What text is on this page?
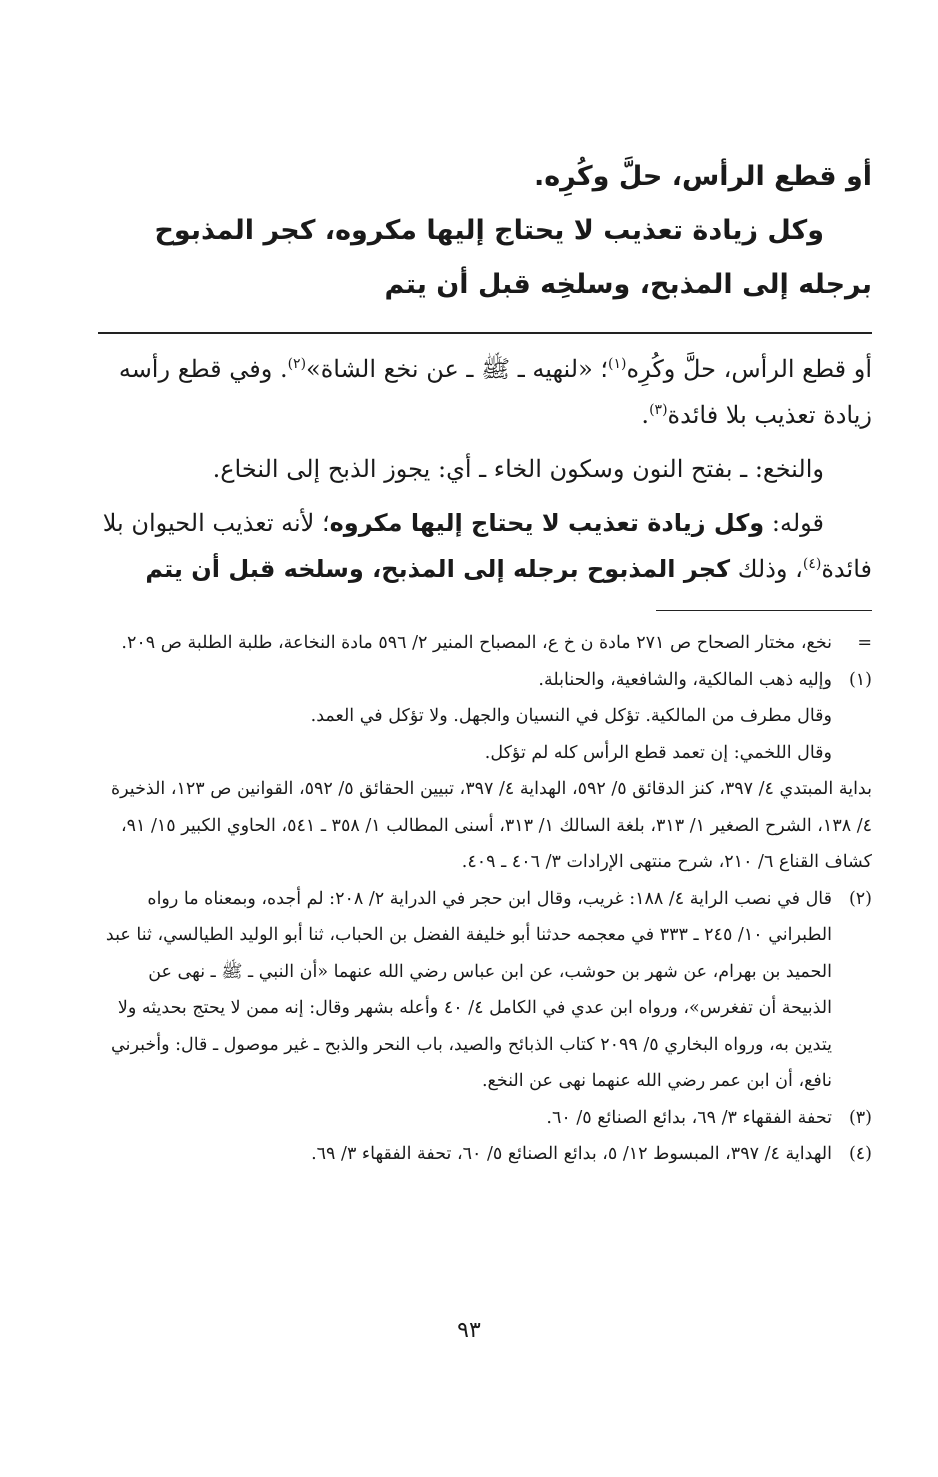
أو قطع الرأس، حلَّ وكُرِه.

وكل زيادة تعذيب لا يحتاج إليها مكروه، كجر المذبوح برجله إلى المذبح، وسلخِه قبل أن يتم

أو قطع الرأس، حلَّ وكُرِه$^{(١)}$؛ «لنهيه ـ ﷺ ـ عن نخع الشاة»$^{(٢)}$. وفي قطع رأسه زيادة تعذيب بلا فائدة$^{(٣)}$.

والنخع: ـ بفتح النون وسكون الخاء ـ أي: يجوز الذبح إلى النخاع.

قوله: وكل زيادة تعذيب لا يحتاج إليها مكروه؛ لأنه تعذيب الحيوان بلا فائدة$^{(٤)}$، وذلك كجر المذبوح برجله إلى المذبح، وسلخه قبل أن يتم

=

نخع، مختار الصحاح ص ٢٧١ مادة ن خ ع، المصباح المنير ٢/ ٥٩٦ مادة النخاعة، طلبة الطلبة ص ٢٠٩.

(١)

وإليه ذهب المالكية، والشافعية، والحنابلة.

وقال مطرف من المالكية. تؤكل في النسيان والجهل. ولا تؤكل في العمد.

وقال اللخمي: إن تعمد قطع الرأس كله لم تؤكل.

بداية المبتدي ٤/ ٣٩٧، كنز الدقائق ٥/ ٥٩٢، الهداية ٤/ ٣٩٧، تبيين الحقائق ٥/ ٥٩٢، القوانين ص ١٢٣، الذخيرة ٤/ ١٣٨، الشرح الصغير ١/ ٣١٣، بلغة السالك ١/ ٣١٣، أسنى المطالب ١/ ٣٥٨ ـ ٥٤١، الحاوي الكبير ١٥/ ٩١، كشاف القناع ٦/ ٢١٠، شرح منتهى الإرادات ٣/ ٤٠٦ ـ ٤٠٩.

(٢)

قال في نصب الراية ٤/ ١٨٨: غريب، وقال ابن حجر في الدراية ٢/ ٢٠٨: لم أجده، وبمعناه ما رواه الطبراني ١٠/ ٢٤٥ ـ ٣٣٣ في معجمه حدثنا أبو خليفة الفضل بن الحباب، ثنا أبو الوليد الطيالسي، ثنا عبد الحميد بن بهرام، عن شهر بن حوشب، عن ابن عباس رضي الله عنهما «أن النبي ـ ﷺ ـ نهى عن الذبيحة أن تفغرس»، ورواه ابن عدي في الكامل ٤/ ٤٠ وأعله بشهر وقال: إنه ممن لا يحتج بحديثه ولا يتدين به، ورواه البخاري ٥/ ٢٠٩٩ كتاب الذبائح والصيد، باب النحر والذبح ـ غير موصول ـ قال: وأخبرني نافع، أن ابن عمر رضي الله عنهما نهى عن النخع.

(٣)

تحفة الفقهاء ٣/ ٦٩، بدائع الصنائع ٥/ ٦٠.

(٤)

الهداية ٤/ ٣٩٧، المبسوط ١٢/ ٥، بدائع الصنائع ٥/ ٦٠، تحفة الفقهاء ٣/ ٦٩.

٩٣
